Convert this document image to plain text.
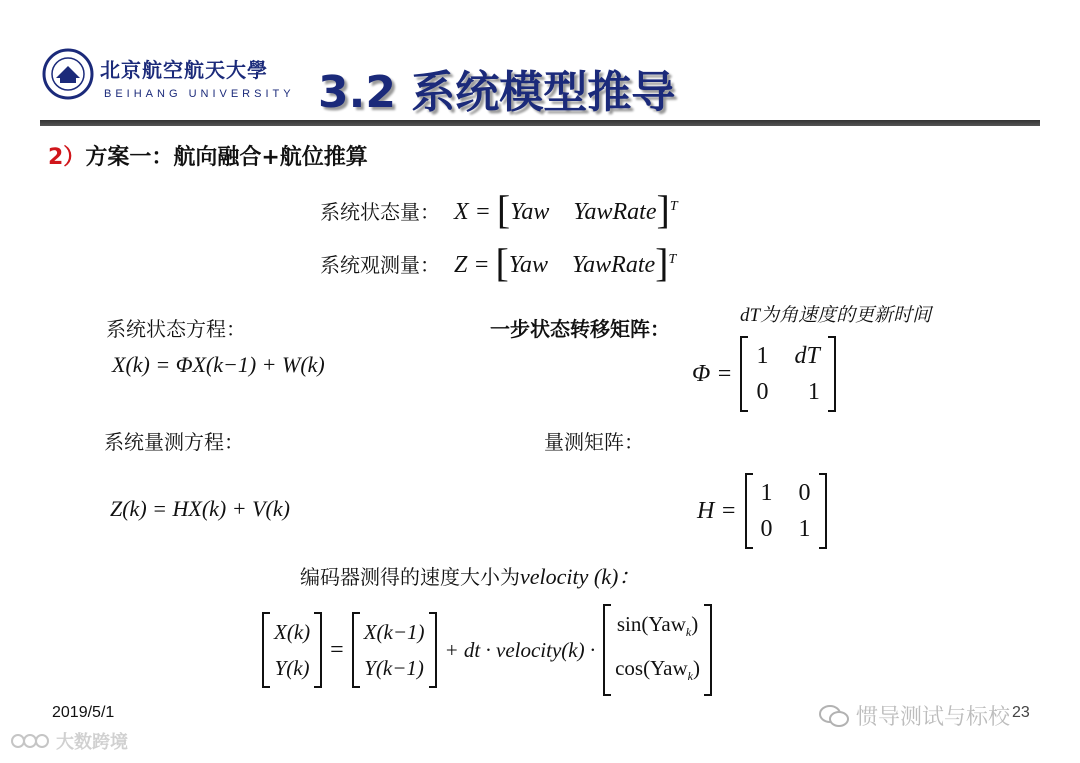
北京航空航天大學
BEIHANG UNIVERSITY 3.2 系统模型推导
2）方案一：航向融合+航位推算
系统状态量： X = [Yaw YawRate]$^T$
系统观测量： Z = [Yaw YawRate]$^T$
系统状态方程：
X(k) = ΦX(k−1) + W(k)
一步状态转移矩阵：
dT为角速度的更新时间
Φ =
1 dT
0 1
系统量测方程：
Z(k) = HX(k) + V(k)
量测矩阵：
H =
1 0
0 1
编码器测得的速度大小为velocity (k)：
X(k)
Y(k)
=
X(k−1)
Y(k−1)
+ dt · velocity(k) ·
sin(Yaw$_k$)
cos(Yaw$_k$)
2019/5/1	23
大数跨境
惯导测试与标校
